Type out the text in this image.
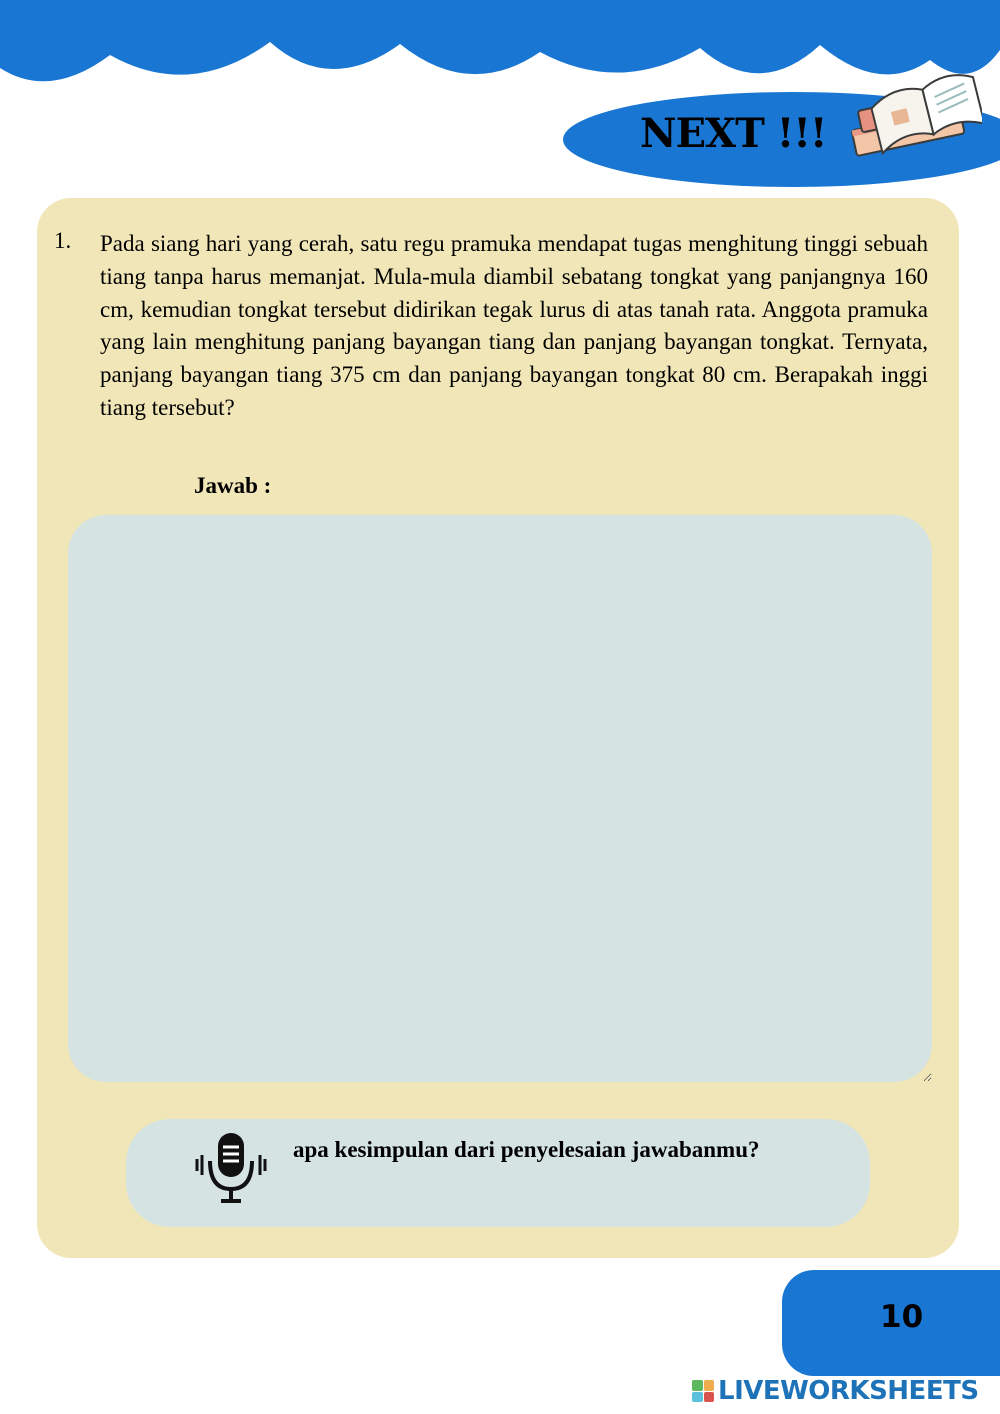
NEXT !!!
1. Pada siang hari yang cerah, satu regu pramuka mendapat tugas menghitung tinggi sebuah tiang tanpa harus memanjat. Mula-mula diambil sebatang tongkat yang panjangnya 160 cm, kemudian tongkat tersebut didirikan tegak lurus di atas tanah rata. Anggota pramuka yang lain menghitung panjang bayangan tiang dan panjang bayangan tongkat. Ternyata, panjang bayangan tiang 375 cm dan panjang bayangan tongkat 80 cm. Berapakah inggi tiang tersebut?

Jawab :

apa kesimpulan dari penyelesaian jawabanmu?

10
LIVEWORKSHEETS
